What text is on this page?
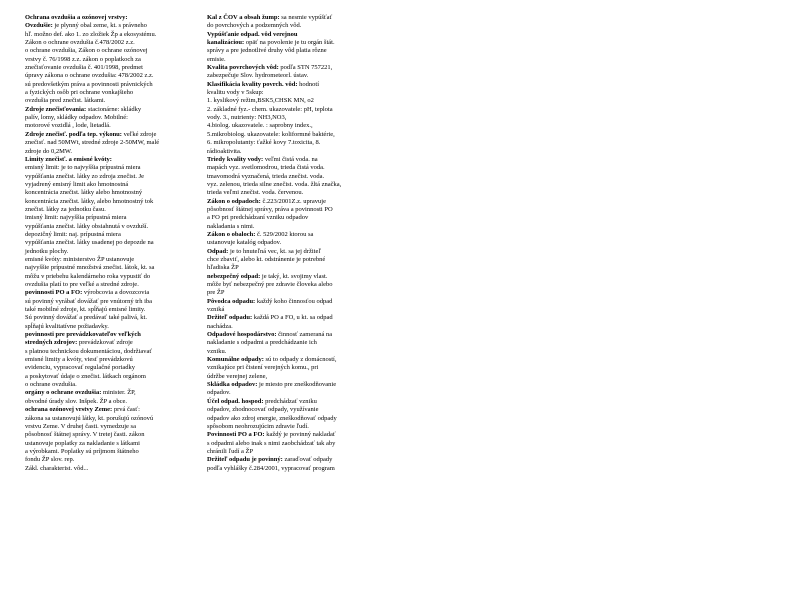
Ochrana ovzdušia a ozónovej vrstvy:
Ovzdušie: je plynný obal zeme, kt. s právneho
hľ. možno def. ako 1. zo zložiek Žp a ekosystému.
Zákon o ochrane ovzdušia č.478/2002 z.z.
o ochrane ovzdušia, Zákon o ochrane ozónovej
vrstvy č. 76/1998 z.z. zákon o poplatkoch za
znečisťovanie ovzdušia č. 401/1998, predmet
úpravy zákona o ochrane ovzdušia: 478/2002 z.z.
sú predovšetkým práva a povinnosti právnických
a fyzických osôb pri ochrane vonkajšieho
ovzdušia pred znečist. látkami.
Zdroje znečisťovania: stacionárne: skládky
palív, lomy, skládky odpadov. Mobilné:
motorové vozidlá , lode, lietadlá.
Zdroje znečisť. podľa tep. výkonu: veľké zdroje
znečisť. nad 50MWt, stredné zdroje 2-50MW, malé
zdroje do 0,2MW.
Limity znečisť. a emisné kvóty:
emisný limit: je to najvyššia prípustná miera
vypúšťania znečist. látky zo zdroja znečist. Je
vyjadrený emisný limit ako hmotnostná
koncentrácia znečist. látky alebo hmotnostný
koncentrácia znečist. látky, alebo hmotnostný tok
znečist. látky za jednotku času.
imisný limit: najvyššia prípustná miera
vypúšťania znečist. látky obsiahnutá v ovzduší.
depozičný limit: naj. prípustná miera
vypúšťania znečist. látky usadenej po depozde na
jednotku plochy.
emisné kvóty: ministerstvo ŽP ustanovuje
najvyššie prípustné množstvá znečist. látok, kt. sa
môžu v priebehu kalendárneho roka vypustiť do
ovzdušia platí to pre veľké a stredné zdroje.
povinnosti PO a FO: výrobcovia a dovozcovia
sú povinný vyrábať dovážať pre vnútorný trh iba
také mobilné zdroje, kt. spĺňajú emisné limity.
Sú povinný dovážať a predávať také palivá, kt.
spĺňajú kvalitatívne požiadavky.
povinnosti pre prevádzkovateľov veľkých
stredných zdrojov: prevádzkovať zdroje
s platnou technickou dokumentáciou, dodržiavať
emisné limity a kvóty, viesť prevádzkovú
evidenciu, vypracovať regulačné poriadky
a poskytovať údaje o znečist. látkach orgánom
o ochrane ovzdušia.
orgány o ochrane ovzdušia: minister. ŽP,
obvodné úrady slov. Inšpek. ŽP a obce.
ochrana ozónovej vrstvy Zeme: prvá časť:
zákona sa ustanovujú látky, kt. porušujú ozónovú
vrstvu Zeme. V druhej časti. vymedzuje sa
pôsobnosť štátnej správy. V tretej časti. zákon
ustanovuje poplatky za nakladanie s látkami
a výrobkami. Poplatky sú príjmom štátneho
fondu ŽP slov. rep.
Zákl. charakterist. vôd...
Kal z ČOV a obsah žump: sa nesmie vypúšťať
do povrchových a podzemných vôd.
Vypúšťanie odpad. vôd verejnou
kanalizáciou: opäť na povolenie je tu orgán štát.
správy a pre jednotlivé druhy vôd platia rôzne
emisie.
Kvalita povrchových vôd: podľa STN 757221,
zabezpečuje Slov. hydrometeorl. ústav.
Klasifikácia kvality povrch. vôd: hodnotí
kvalitu vody v 5skup:
1. kyslikový režim,BSK5,CHSK MN, o2
2. základné fyz.- chem. ukazovatele: pH, teplota
vody. 3., nutrienty: NH3,NO3,
4.biolog. ukazovatele. : saprobny index.,
5.mikrobiolog. ukazovatele: koliformné baktérie,
6. mikropolutanty: ťažké kovy 7.toxicita, 8.
rádioaktivita.
Triedy kvality vody: veľmi čistá voda. na
mapách vyz. svetlomodrou, trieda čistá voda.
tmavomodrá vyznačená, trieda znečist. voda.
vyz. zelenou, trieda silne znečist. voda. žltá značka,
trieda veľmi znečist. voda. červenou.
Zákon o odpadoch: č.223/2001Z.z. upravuje
pôsobnosť štátnej správy, práva a povinnosti PO
a FO pri predchádzaní vzniku odpadov
nakladania s nimi.
Zákon o obaloch: č. 529/2002 ktorou sa
ustanovuje katalóg odpadov.
Odpad: je to hnuteľná vec, kt. sa jej držiteľ
chce zbaviť, alebo kt. odstránenie je potrebné
hľadiska ŽP
nebezpečný odpad: je taký, kt. svojimy vlast.
môže byť nebezpečný pre zdravie človeka alebo
pre ŽP
Pôvodca odpadu: každý koho činnosťou odpad
vzniká
Držiteľ odpadu: každá PO a FO, u kt. sa odpad
nachádza.
Odpadové hospodárstvo: činnosť zameraná na
nakladanie s odpadmi a predchádzanie ich
vzniku.
Komunálne odpady: sú to odpady z domácností,
vznikajúce pri čistení verejných komu., pri
údržbe verejnej zelene,
Skládka odpadov: je miesto pre zneškodňovanie
odpadov.
Účel odpad. hospod: predchádzať vzniku
odpadov, zhodnocovať odpady, využívanie
odpadov ako zdroj energie, zneškodňovať odpady
spôsobom neohrozujúcim zdravie ľudí.
Povinnosti PO a FO: každý je povinný nakladať
s odpadmi alebo inak s nimi zaobchádzať tak aby
chránili ľudí a ŽP
Držiteľ odpadu je povinný: zaraďovať odpady
podľa vyhlášky č.284/2001, vypracovať program
